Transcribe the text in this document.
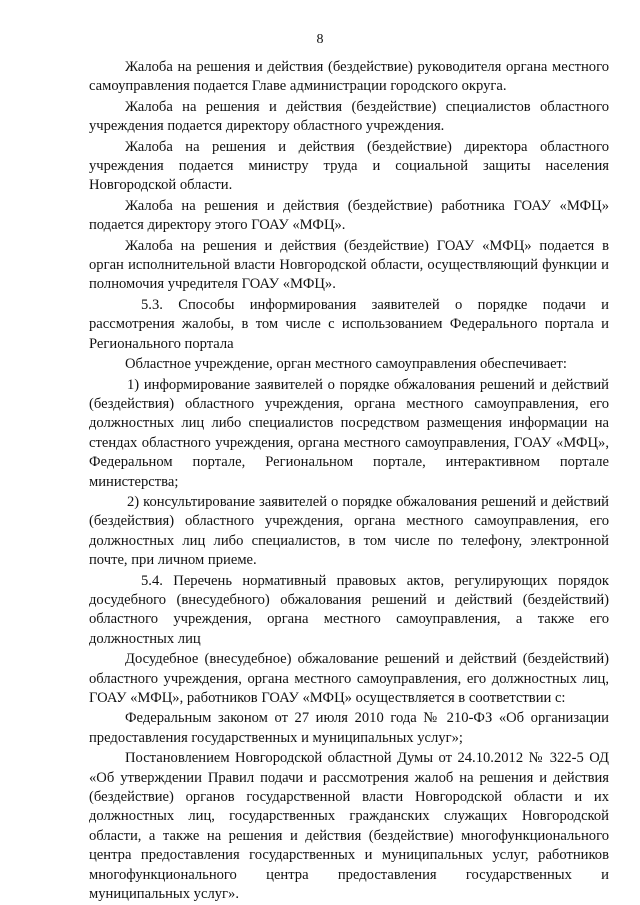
8

Жалоба на решения и действия (бездействие) руководителя органа местного самоуправления подается Главе администрации городского округа.

Жалоба на решения и действия (бездействие) специалистов областного учреждения подается директору областного учреждения.

Жалоба на решения и действия (бездействие) директора областного учреждения подается министру труда и социальной защиты населения Новгородской области.

Жалоба на решения и действия (бездействие) работника ГОАУ «МФЦ» подается директору этого ГОАУ «МФЦ».

Жалоба на решения и действия (бездействие) ГОАУ «МФЦ» подается в орган исполнительной власти Новгородской области, осуществляющий функции и полномочия учредителя ГОАУ «МФЦ».

5.3. Способы информирования заявителей о порядке подачи и рассмотрения жалобы, в том числе с использованием Федерального портала и Регионального портала

Областное учреждение, орган местного самоуправления обеспечивает:

1) информирование заявителей о порядке обжалования решений и действий (бездействия) областного учреждения, органа местного самоуправления, его должностных лиц либо специалистов посредством размещения информации на стендах областного учреждения, органа местного самоуправления, ГОАУ «МФЦ», Федеральном портале, Региональном портале, интерактивном портале министерства;

2) консультирование заявителей о порядке обжалования решений и действий (бездействия) областного учреждения, органа местного самоуправления, его должностных лиц либо специалистов, в том числе по телефону, электронной почте, при личном приеме.

5.4. Перечень нормативный правовых актов, регулирующих порядок досудебного (внесудебного) обжалования решений и действий (бездействий) областного учреждения, органа местного самоуправления, а также его должностных лиц

Досудебное (внесудебное) обжалование решений и действий (бездействий) областного учреждения, органа местного самоуправления, его должностных лиц, ГОАУ «МФЦ», работников ГОАУ «МФЦ» осуществляется в соответствии с:

Федеральным законом от 27 июля 2010 года № 210-ФЗ «Об организации предоставления государственных и муниципальных услуг»;

Постановлением Новгородской областной Думы от 24.10.2012 № 322-5 ОД «Об утверждении Правил подачи и рассмотрения жалоб на решения и действия (бездействие) органов государственной власти Новгородской области и их должностных лиц, государственных гражданских служащих Новгородской области, а также на решения и действия (бездействие) многофункционального центра предоставления государственных и муниципальных услуг, работников многофункционального центра предоставления государственных и муниципальных услуг».
